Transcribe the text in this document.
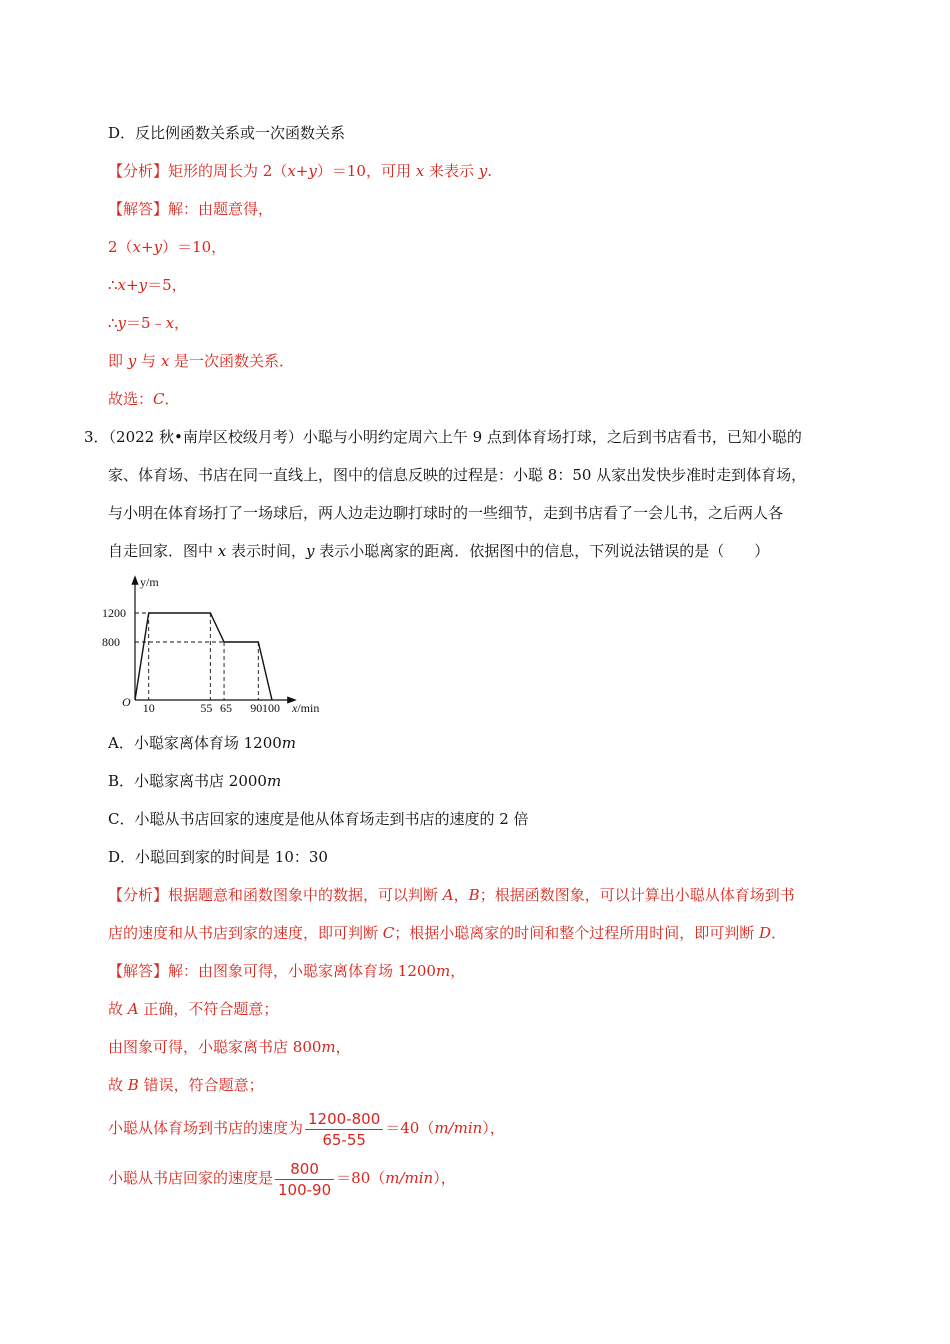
D．反比例函数关系或一次函数关系
【分析】矩形的周长为 2（x+y）＝10，可用 x 来表示 y.
【解答】解：由题意得，
2（x+y）＝10，
∴x+y＝5，
∴y＝5﹣x，
即 y 与 x 是一次函数关系．
故选：C．
3．（2022 秋•南岸区校级月考）小聪与小明约定周六上午 9 点到体育场打球，之后到书店看书，已知小聪的
家、体育场、书店在同一直线上，图中的信息反映的过程是：小聪 8：50 从家出发快步准时走到体育场，
与小明在体育场打了一场球后，两人边走边聊打球时的一些细节，走到书店看了一会儿书，之后两人各
自走回家．图中 x 表示时间，y 表示小聪离家的距离．依据图中的信息，下列说法错误的是（　　）
10	55 65 90 100
800
1200
O
y/m
x/min
A．小聪家离体育场 1200m
B．小聪家离书店 2000m
C．小聪从书店回家的速度是他从体育场走到书店的速度的 2 倍
D．小聪回到家的时间是 10：30
【分析】根据题意和函数图象中的数据，可以判断 A，B；根据函数图象，可以计算出小聪从体育场到书
店的速度和从书店到家的速度，即可判断 C；根据小聪离家的时间和整个过程所用时间，即可判断 D．
【解答】解：由图象可得，小聪家离体育场 1200m，
故 A 正确，不符合题意；
由图象可得，小聪家离书店 800m，
故 B 错误，符合题意；
小聪从体育场到书店的速度为 $\frac{1200-800}{65-55} =40(m/\min)$，
小聪从书店回家的速度是 $\frac{800}{100-90} =80(m/\min)$，
